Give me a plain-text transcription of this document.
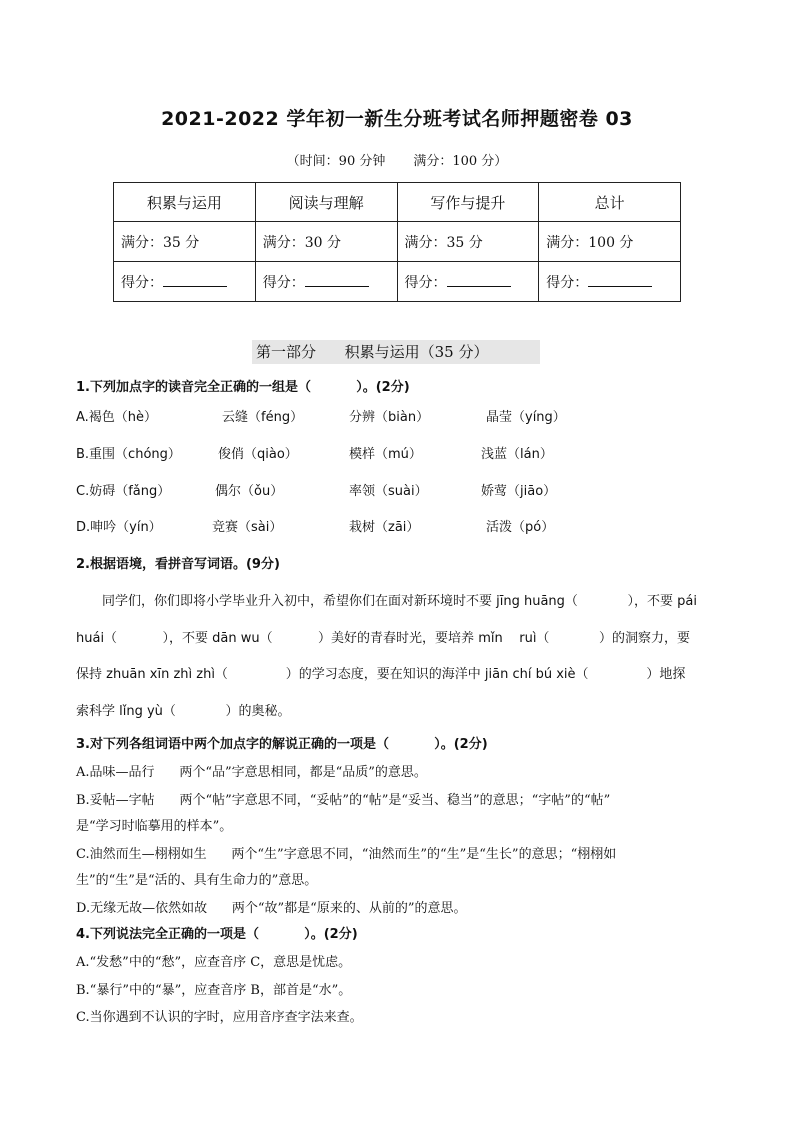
2021-2022 学年初一新生分班考试名师押题密卷 03
（时间：90 分钟 满分：100 分）
积累与运用	阅读与理解	写作与提升	总计
满分：35 分	满分：30 分	满分：35 分	满分：100 分
得分：	得分：	得分：	得分：
第一部分      积累与运用（35 分）
1.下列加点字的读音完全正确的一组是（          ）。(2分)
A.褐色（hè）	云缝（féng）	分辨（biàn）	晶莹（yíng）
B.重围（chóng）	俊俏（qiào）	模样（mú）	浅蓝（lán）
C.妨碍（fǎng）	偶尔（ǒu）	率领（suài）	娇莺（jiāo）
D.呻吟（yín）	竞赛（sài）	栽树（zāi）	活泼（pó）
2.根据语境，看拼音写词语。(9分)
同学们，你们即将小学毕业升入初中，希望你们在面对新环境时不要 jīng huāng（            ），不要 pái
huái（           ），不要 dān wu（           ）美好的青春时光，要培养 mǐn    ruì（            ）的洞察力，要
保持 zhuān xīn zhì zhì（              ）的学习态度，要在知识的海洋中 jiān chí bú xiè（              ）地探
索科学 lǐng yù（            ）的奥秘。
3.对下列各组词语中两个加点字的解说正确的一项是（          ）。(2分)
A.品味—品行      两个“品”字意思相同，都是“品质”的意思。
B.妥帖—字帖      两个“帖”字意思不同，“妥帖”的“帖”是“妥当、稳当”的意思；“字帖”的“帖”
是“学习时临摹用的样本”。
C.油然而生—栩栩如生      两个“生”字意思不同，“油然而生”的“生”是“生长”的意思；“栩栩如
生”的“生”是“活的、具有生命力的”意思。
D.无缘无故—依然如故      两个“故”都是“原来的、从前的”的意思。
4.下列说法完全正确的一项是（          ）。(2分)
A.“发愁”中的“愁”，应查音序 C，意思是忧虑。
B.“暴行”中的“暴”，应查音序 B，部首是“水”。
C.当你遇到不认识的字时，应用音序查字法来查。
